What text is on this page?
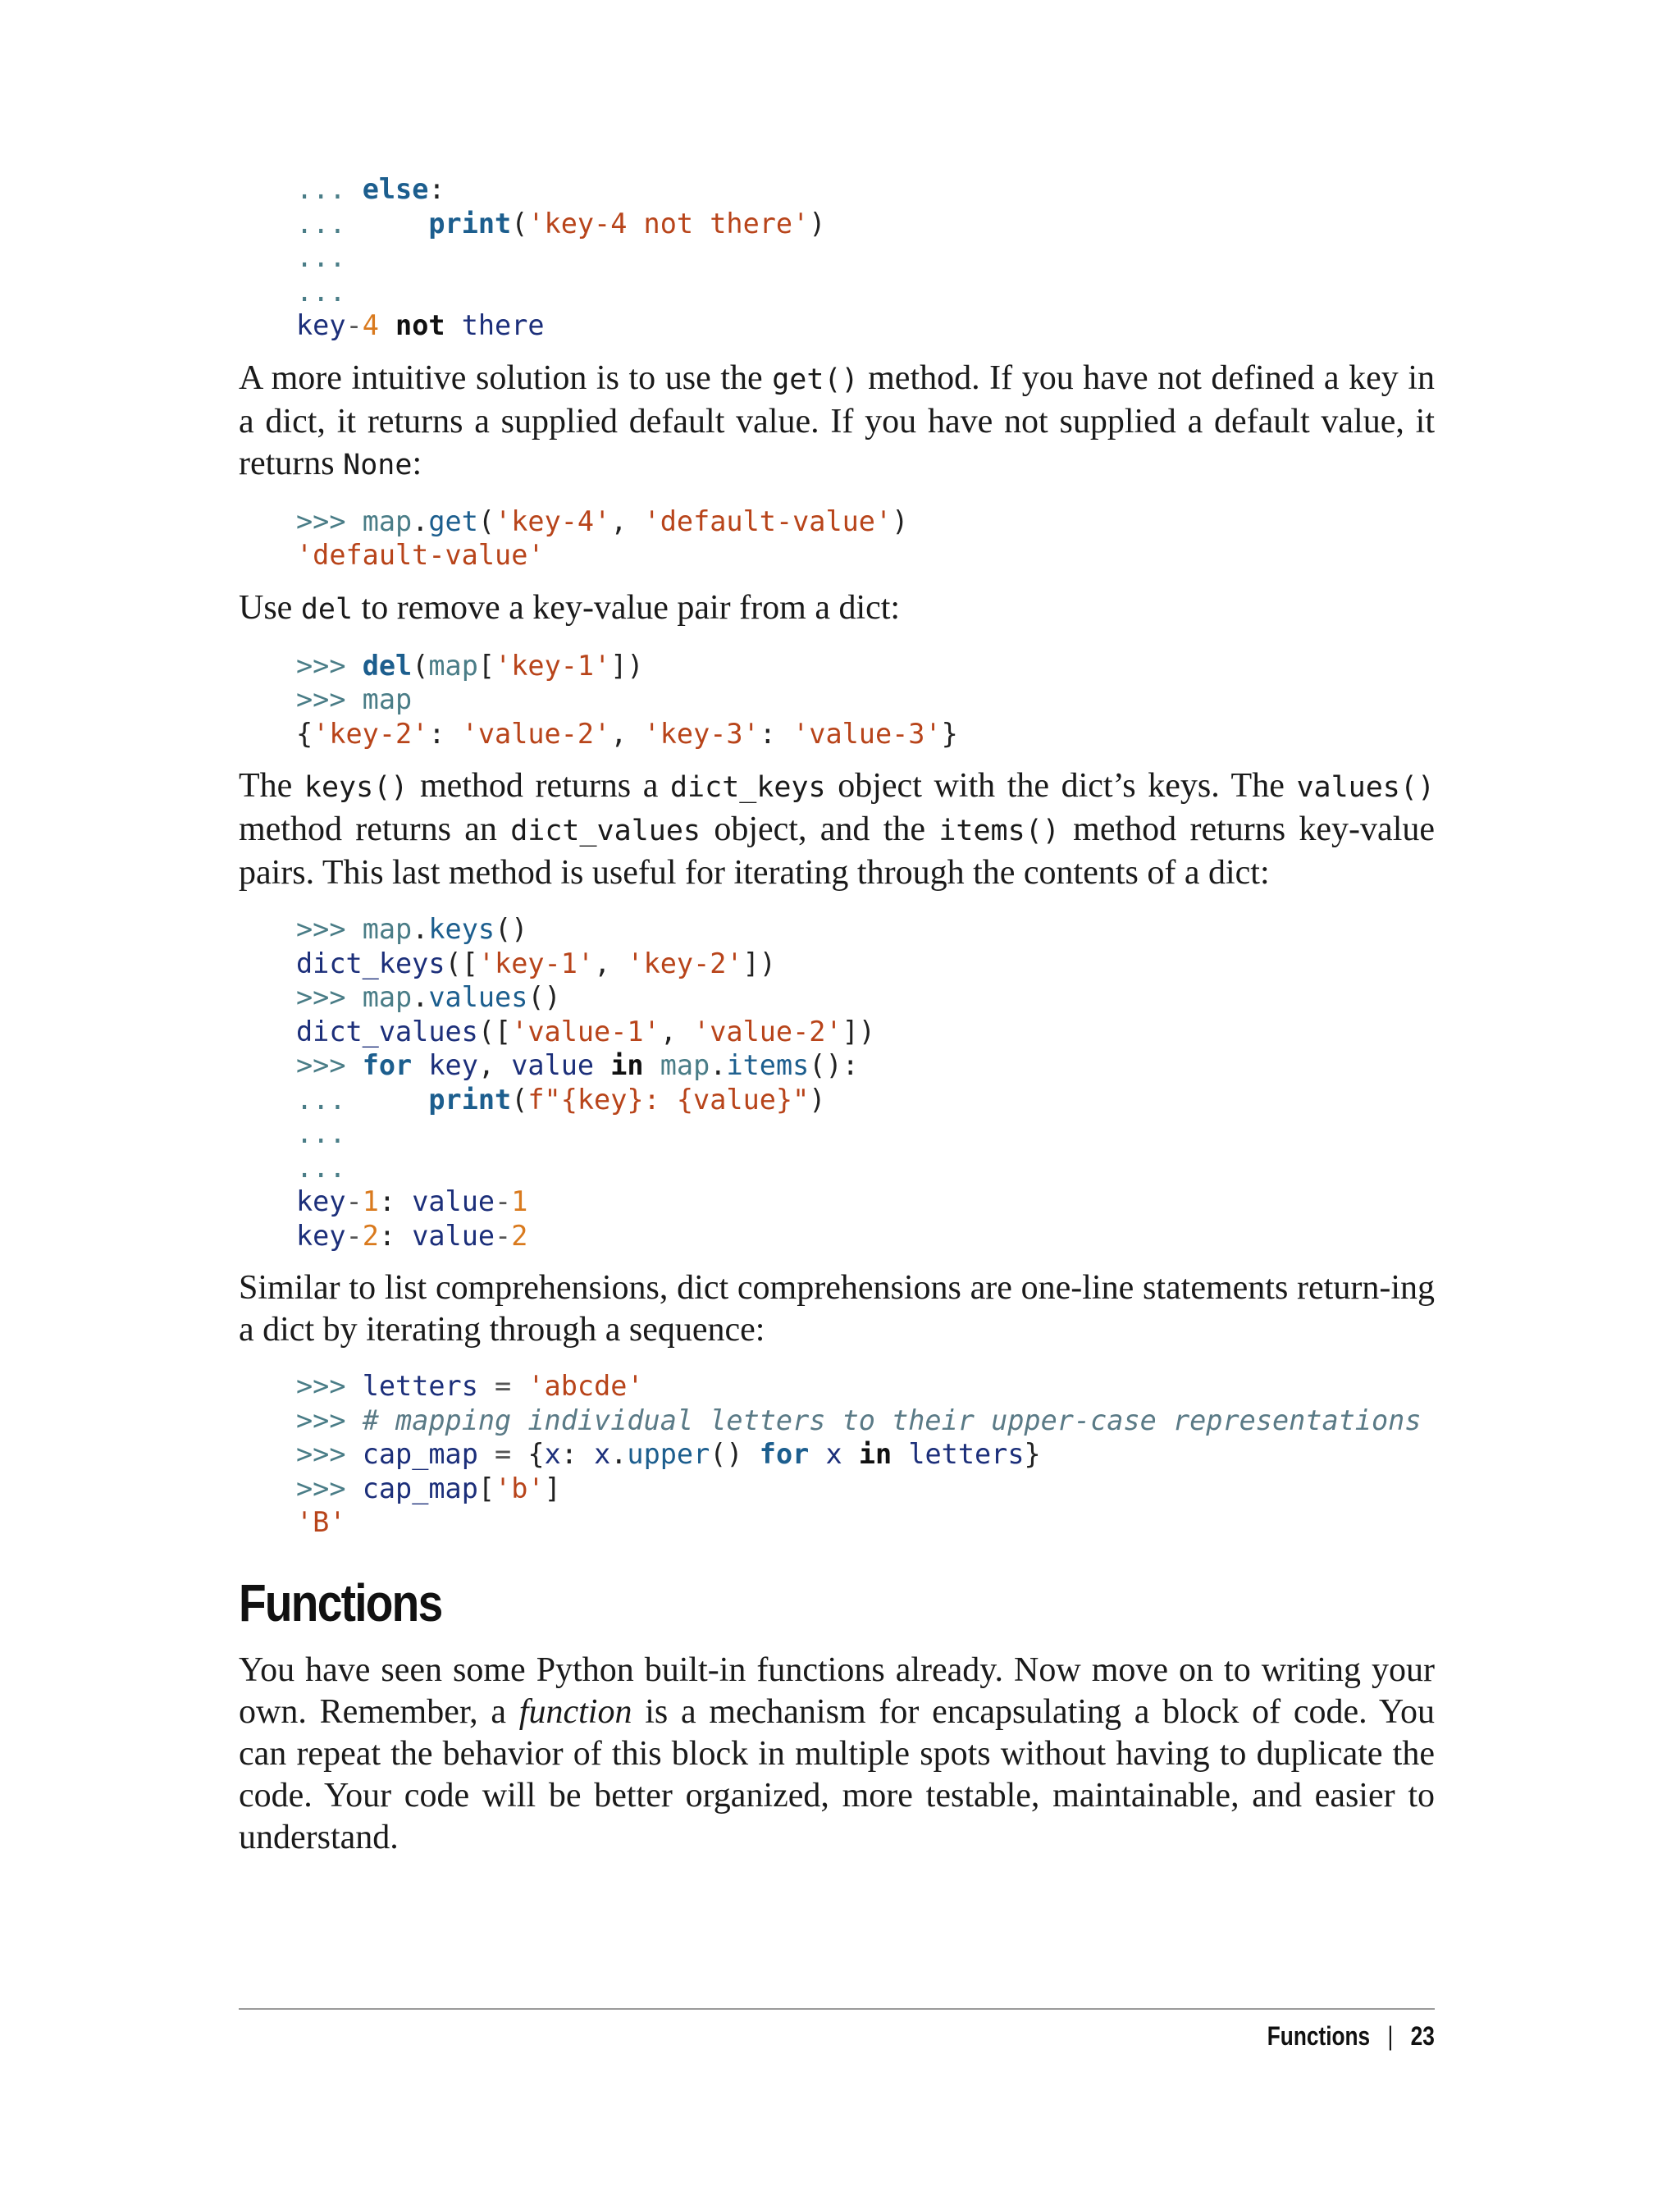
... else:
...     print('key-4 not there')
...
...
key-4 not there

A more intuitive solution is to use the get() method. If you have not defined a key in a dict, it returns a supplied default value. If you have not supplied a default value, it returns None:

>>> map.get('key-4', 'default-value')
'default-value'

Use del to remove a key-value pair from a dict:

>>> del(map['key-1'])
>>> map
{'key-2': 'value-2', 'key-3': 'value-3'}

The keys() method returns a dict_keys object with the dict’s keys. The values() method returns an dict_values object, and the items() method returns key-value pairs. This last method is useful for iterating through the contents of a dict:

>>> map.keys()
dict_keys(['key-1', 'key-2'])
>>> map.values()
dict_values(['value-1', 'value-2'])
>>> for key, value in map.items():
...     print(f"{key}: {value}")
...
...
key-1: value-1
key-2: value-2

Similar to list comprehensions, dict comprehensions are one-line statements return‐ing a dict by iterating through a sequence:

>>> letters = 'abcde'
>>> # mapping individual letters to their upper-case representations
>>> cap_map = {x: x.upper() for x in letters}
>>> cap_map['b']
'B'
Functions

You have seen some Python built-in functions already. Now move on to writing your own. Remember, a function is a mechanism for encapsulating a block of code. You can repeat the behavior of this block in multiple spots without having to duplicate the code. Your code will be better organized, more testable, maintainable, and easier to understand.

Functions | 23
